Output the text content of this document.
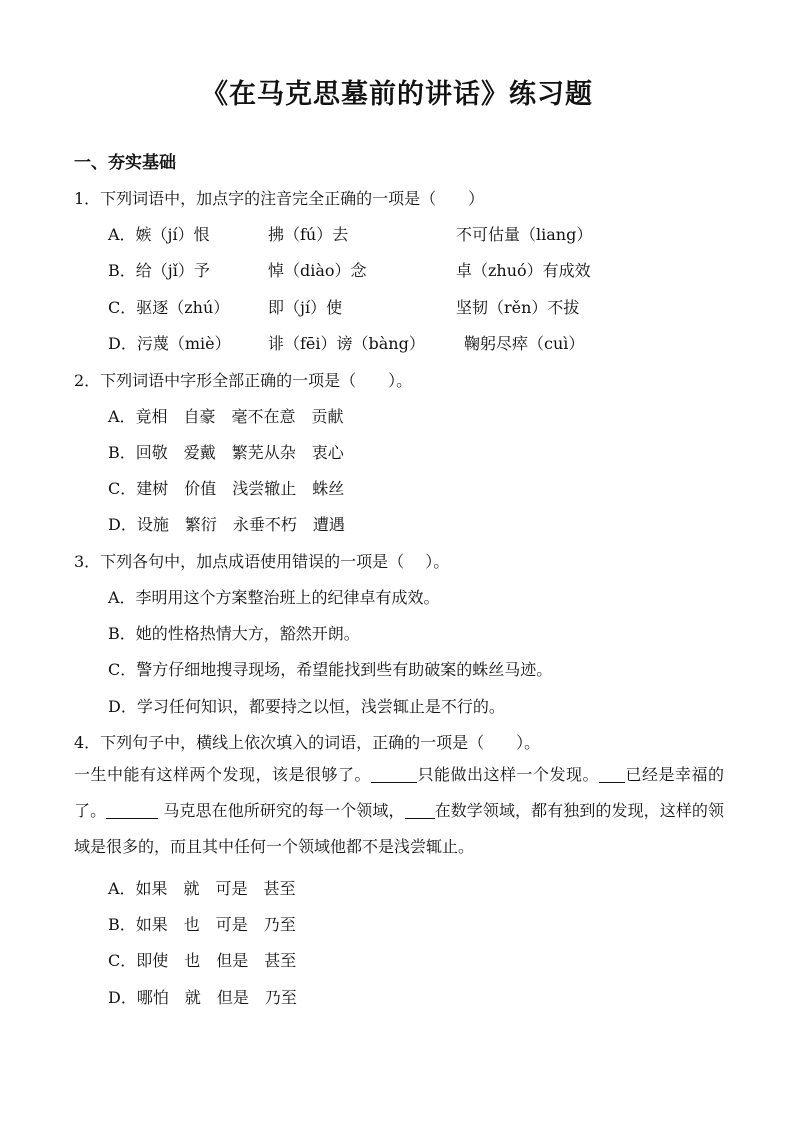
《在马克思墓前的讲话》练习题
一、夯实基础
1．下列词语中，加点字的注音完全正确的一项是（　　）
A．嫉（jí）恨	拂（fú）去	不可估量（liang）
B．给（jǐ）予	悼（diào）念	卓（zhuó）有成效
C．驱逐（zhú） 即（jí）使	坚韧（rěn）不拔
D．污蔑（miè） 诽（fēi）谤（bàng） 鞠躬尽瘁（cuì）
2．下列词语中字形全部正确的一项是（　　）。
A．竟相　自豪　毫不在意　贡献
B．回敬　爱戴　繁芜从杂　衷心
C．建树　价值　浅尝辙止　蛛丝
D．设施　繁衍　永垂不朽　遭遇
3．下列各句中，加点成语使用错误的一项是（　 ）。
A．李明用这个方案整治班上的纪律卓有成效。
B．她的性格热情大方，豁然开朗。
C．警方仔细地搜寻现场，希望能找到些有助破案的蛛丝马迹。
D．学习任何知识，都要持之以恒，浅尝辄止是不行的。
4．下列句子中，横线上依次填入的词语，正确的一项是（　　）。
一生中能有这样两个发现，该是很够了。	只能做出这样一个发现。 已经是幸福的了。	马克思在他所研究的每一个领域， 在数学领域，都有独到的发现，这样的领域是很多的，而且其中任何一个领域他都不是浅尝辄止。
A．如果　就　可是　甚至
B．如果　也　可是　乃至
C．即使　也　但是　甚至
D．哪怕　就　但是　乃至
